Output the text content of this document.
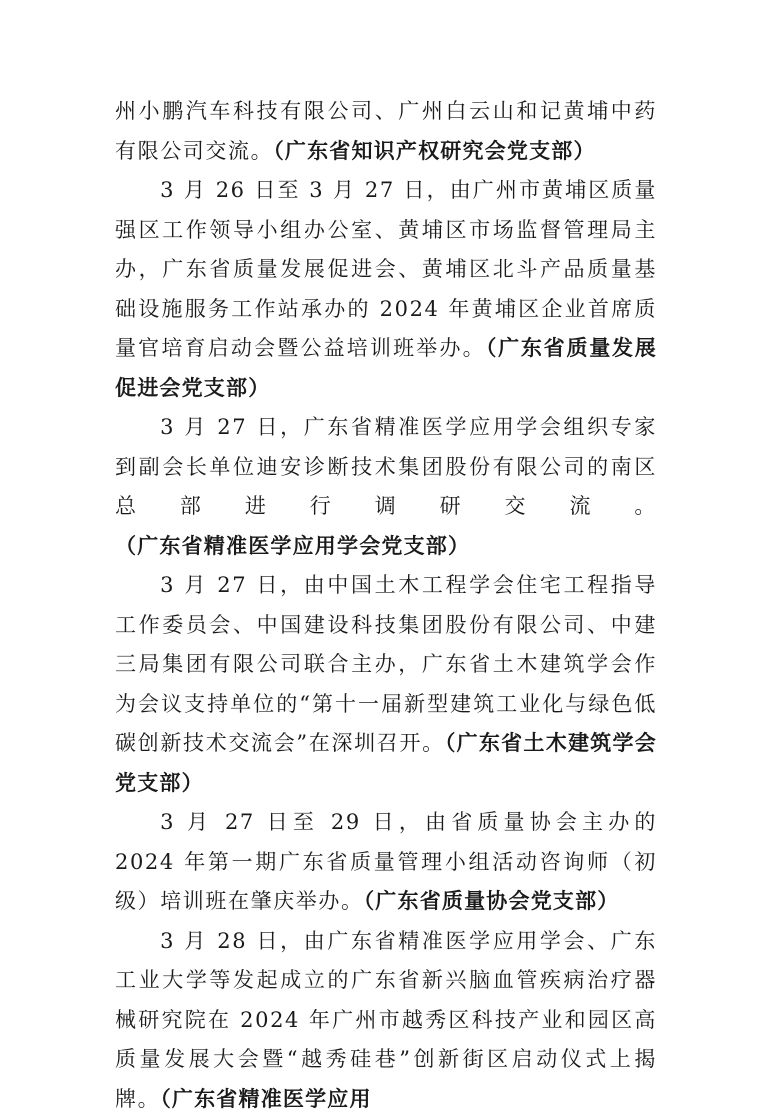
州小鹏汽车科技有限公司、广州白云山和记黄埔中药有限公司交流。（广东省知识产权研究会党支部）

3 月 26 日至 3 月 27 日，由广州市黄埔区质量强区工作领导小组办公室、黄埔区市场监督管理局主办，广东省质量发展促进会、黄埔区北斗产品质量基础设施服务工作站承办的 2024 年黄埔区企业首席质量官培育启动会暨公益培训班举办。（广东省质量发展促进会党支部）

3 月 27 日，广东省精准医学应用学会组织专家到副会长单位迪安诊断技术集团股份有限公司的南区总部进行调研交流。（广东省精准医学应用学会党支部）

3 月 27 日，由中国土木工程学会住宅工程指导工作委员会、中国建设科技集团股份有限公司、中建三局集团有限公司联合主办，广东省土木建筑学会作为会议支持单位的“第十一届新型建筑工业化与绿色低碳创新技术交流会”在深圳召开。（广东省土木建筑学会党支部）

3 月 27 日至 29 日，由省质量协会主办的 2024 年第一期广东省质量管理小组活动咨询师（初级）培训班在肇庆举办。（广东省质量协会党支部）

3 月 28 日，由广东省精准医学应用学会、广东工业大学等发起成立的广东省新兴脑血管疾病治疗器械研究院在 2024 年广州市越秀区科技产业和园区高质量发展大会暨“越秀硅巷”创新街区启动仪式上揭牌。（广东省精准医学应用
